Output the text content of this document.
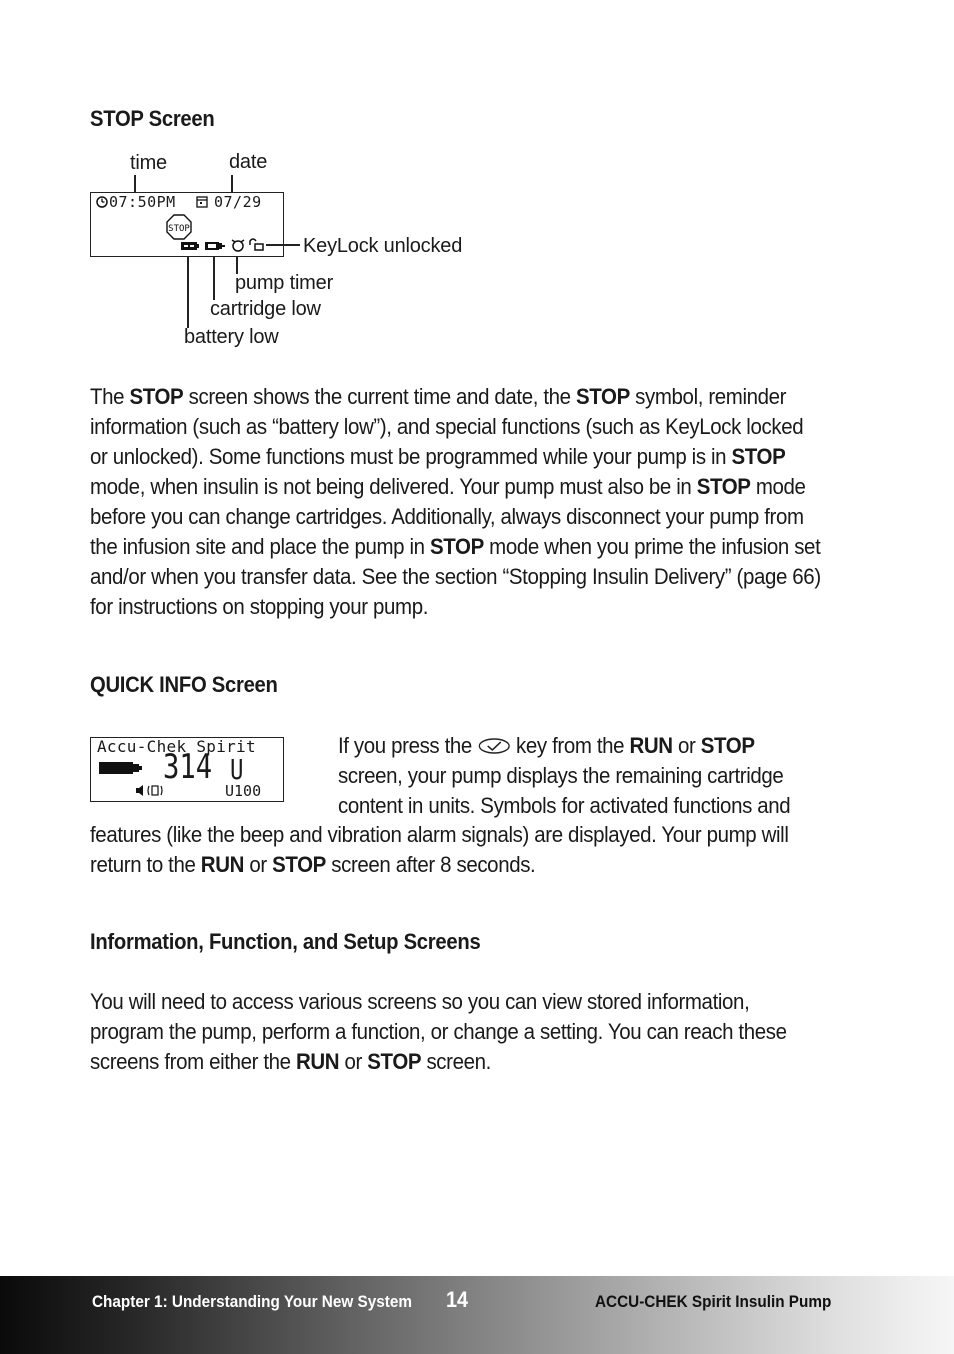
STOP Screen
time	date
STOP
07:50PM	07/29
KeyLock unlocked
pump timer
cartridge low
battery low
The STOP screen shows the current time and date, the STOP symbol, reminder information (such as “battery low”), and special functions (such as KeyLock locked or unlocked). Some functions must be programmed while your pump is in STOP mode, when insulin is not being delivered. Your pump must also be in STOP mode before you can change cartridges. Additionally, always disconnect your pump from the infusion site and place the pump in STOP mode when you prime the infusion set and/or when you transfer data. See the section “Stopping Insulin Delivery” (page 66) for instructions on stopping your pump.
QUICK INFO Screen
Accu-Chek Spirit
314 U
U100
If you press the  key from the RUN or STOP screen, your pump displays the remaining cartridge content in units. Symbols for activated functions and
features (like the beep and vibration alarm signals) are displayed. Your pump will return to the RUN or STOP screen after 8 seconds.
Information, Function, and Setup Screens
You will need to access various screens so you can view stored information, program the pump, perform a function, or change a setting. You can reach these screens from either the RUN or STOP screen.
Chapter 1: Understanding Your New System 14	ACCU-CHEK Spirit Insulin Pump
